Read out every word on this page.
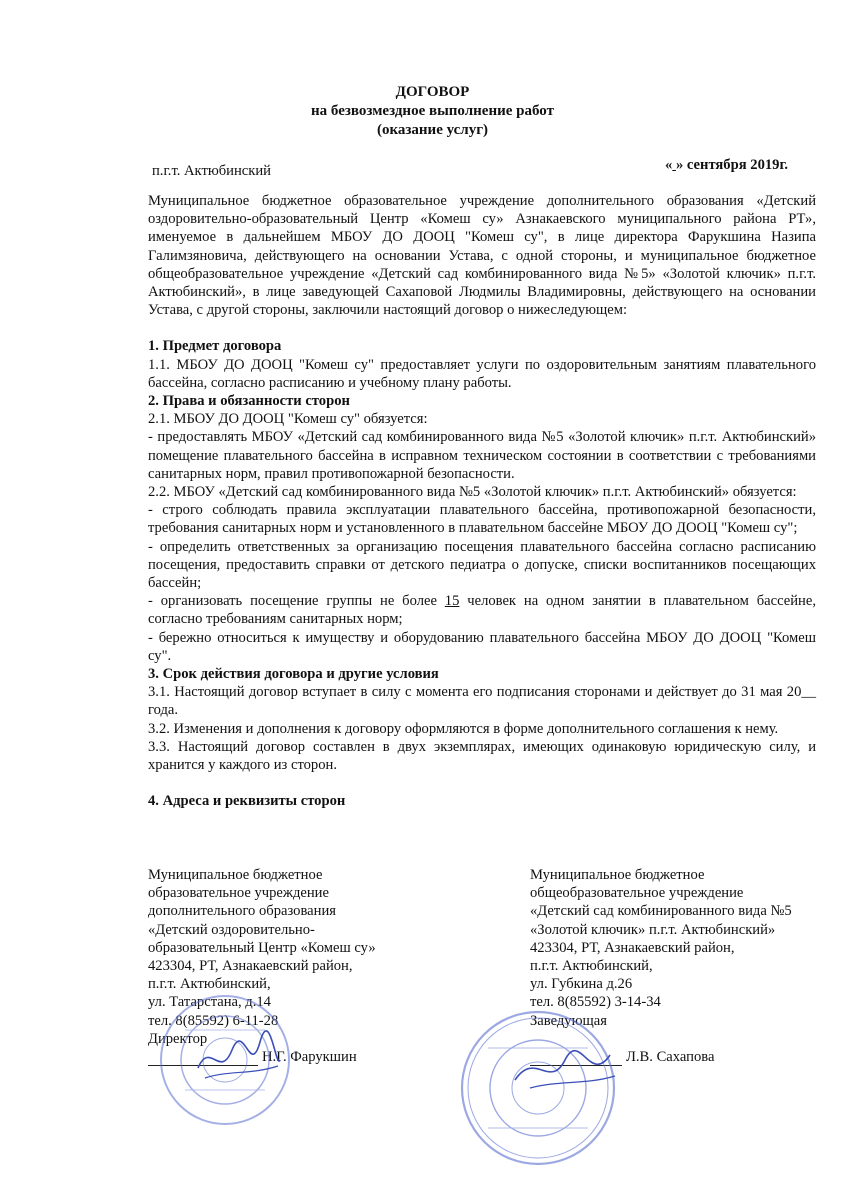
ДОГОВОР
на безвозмездное выполнение работ
(оказание услуг)
п.г.т. Актюбинский	« » сентября 2019г.

Муниципальное бюджетное образовательное учреждение дополнительного образования «Детский оздоровительно-образовательный Центр «Комеш су» Азнакаевского муниципального района РТ», именуемое в дальнейшем МБОУ ДО ДООЦ "Комеш су", в лице директора Фарукшина Назипа Галимзяновича, действующего на основании Устава, с одной стороны, и муниципальное бюджетное общеобразовательное учреждение «Детский сад комбинированного вида №5» «Золотой ключик» п.г.т. Актюбинский», в лице заведующей Сахаповой Людмилы Владимировны, действующего на основании Устава, с другой стороны, заключили настоящий договор о нижеследующем:

1. Предмет договора

1.1. МБОУ ДО ДООЦ "Комеш су" предоставляет услуги по оздоровительным занятиям плавательного бассейна, согласно расписанию и учебному плану работы.

2. Права и обязанности сторон

2.1. МБОУ ДО ДООЦ "Комеш су" обязуется:

- предоставлять МБОУ «Детский сад комбинированного вида №5 «Золотой ключик» п.г.т. Актюбинский» помещение плавательного бассейна в исправном техническом состоянии в соответствии с требованиями санитарных норм, правил противопожарной безопасности.

2.2. МБОУ «Детский сад комбинированного вида №5 «Золотой ключик» п.г.т. Актюбинский» обязуется:

- строго соблюдать правила эксплуатации плавательного бассейна, противопожарной безопасности, требования санитарных норм и установленного в плавательном бассейне МБОУ ДО ДООЦ "Комеш су";

- определить ответственных за организацию посещения плавательного бассейна согласно расписанию посещения, предоставить справки от детского педиатра о допуске, списки воспитанников посещающих бассейн;

- организовать посещение группы не более 15 человек на одном занятии в плавательном бассейне, согласно требованиям санитарных норм;

- бережно относиться к имуществу и оборудованию плавательного бассейна МБОУ ДО ДООЦ "Комеш су".

3. Срок действия договора и другие условия

3.1. Настоящий договор вступает в силу с момента его подписания сторонами и действует до 31 мая 20__ года.

3.2. Изменения и дополнения к договору оформляются в форме дополнительного соглашения к нему.

3.3. Настоящий договор составлен в двух экземплярах, имеющих одинаковую юридическую силу, и хранится у каждого из сторон.

4. Адреса и реквизиты сторон

Муниципальное бюджетное
образовательное учреждение
дополнительного образования
«Детский оздоровительно-
образовательный Центр «Комеш су»
423304, РТ, Азнакаевский район,
п.г.т. Актюбинский,
ул. Татарстана, д.14
тел. 8(85592) 6-11-28
Директор
Н.Г. Фарукшин
Муниципальное бюджетное
общеобразовательное учреждение
«Детский сад комбинированного вида №5
«Золотой ключик» п.г.т. Актюбинский»
423304, РТ, Азнакаевский район,
п.г.т. Актюбинский,
ул. Губкина д.26
тел. 8(85592) 3-14-34
Заведующая
Л.В. Сахапова
